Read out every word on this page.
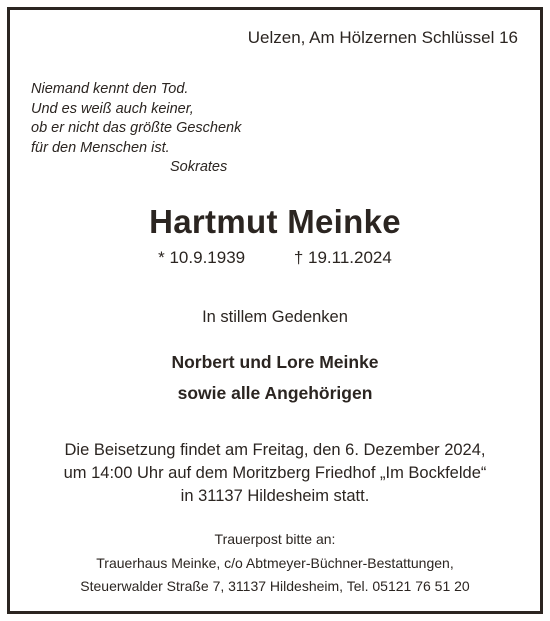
Uelzen, Am Hölzernen Schlüssel 16
Niemand kennt den Tod.
Und es weiß auch keiner,
ob er nicht das größte Geschenk
für den Menschen ist.
Sokrates
Hartmut Meinke
* 10.9.1939	† 19.11.2024
In stillem Gedenken
Norbert und Lore Meinke
sowie alle Angehörigen
Die Beisetzung findet am Freitag, den 6. Dezember 2024,
um 14:00 Uhr auf dem Moritzberg Friedhof „Im Bockfelde“
in 31137 Hildesheim statt.
Trauerpost bitte an:
Trauerhaus Meinke, c/o Abtmeyer-Büchner-Bestattungen,
Steuerwalder Straße 7, 31137 Hildesheim, Tel. 05121 76 51 20
